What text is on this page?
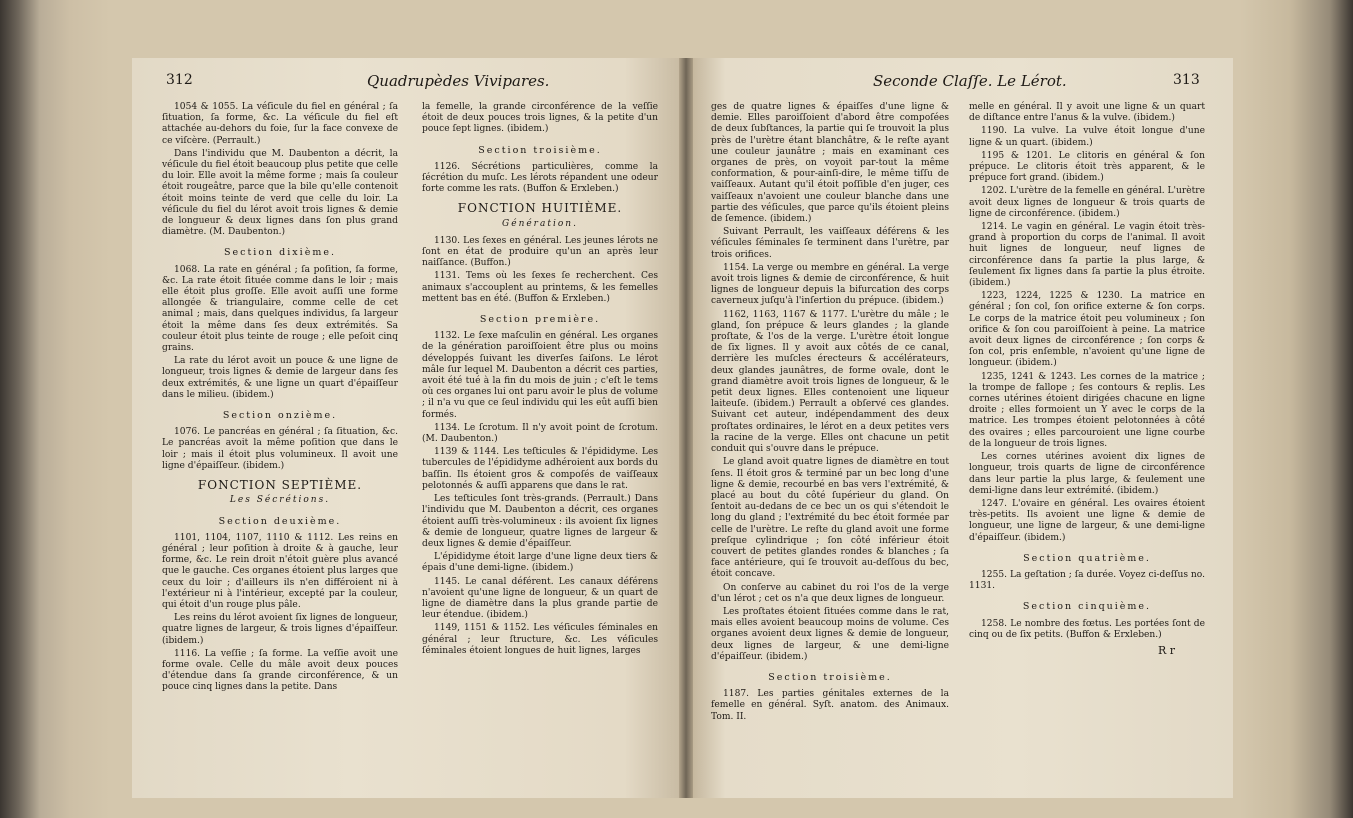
312	Quadrupèdes Vivipares.

1054 & 1055. La véſicule du fiel en général ; ſa ſituation, ſa forme, &c. La véſicule du fiel eſt attachée au-dehors du foie, ſur la face convexe de ce viſcère. (Perrault.)

Dans l'individu que M. Daubenton a décrit, la véſicule du fiel étoit beaucoup plus petite que celle du loir. Elle avoit la même forme ; mais ſa couleur étoit rougeâtre, parce que la bile qu'elle contenoit étoit moins teinte de verd que celle du loir. La véſicule du fiel du lérot avoit trois lignes & demie de longueur & deux lignes dans ſon plus grand diamètre. (M. Daubenton.)

Section dixième.

1068. La rate en général ; ſa poſition, ſa forme, &c. La rate étoit ſituée comme dans le loir ; mais elle étoit plus groſſe. Elle avoit auſſi une forme allongée & triangulaire, comme celle de cet animal ; mais, dans quelques individus, ſa largeur étoit la même dans ſes deux extrémités. Sa couleur étoit plus teinte de rouge ; elle peſoit cinq grains.

La rate du lérot avoit un pouce & une ligne de longueur, trois lignes & demie de largeur dans ſes deux extrémités, & une ligne un quart d'épaiſſeur dans le milieu. (ibidem.)

Section onzième.

1076. Le pancréas en général ; ſa ſituation, &c. Le pancréas avoit la même poſition que dans le loir ; mais il étoit plus volumineux. Il avoit une ligne d'épaiſſeur. (ibidem.)

FONCTION SEPTIÈME.
Les Sécrétions.
Section deuxième.

1101, 1104, 1107, 1110 & 1112. Les reins en général ; leur poſition à droite & à gauche, leur forme, &c. Le rein droit n'étoit guère plus avancé que le gauche. Ces organes étoient plus larges que ceux du loir ; d'ailleurs ils n'en différoient ni à l'extérieur ni à l'intérieur, excepté par la couleur, qui étoit d'un rouge plus pâle.

Les reins du lérot avoient ſix lignes de longueur, quatre lignes de largeur, & trois lignes d'épaiſſeur. (ibidem.)

1116. La veſſie ; ſa forme. La veſſie avoit une forme ovale. Celle du mâle avoit deux pouces d'étendue dans ſa grande circonférence, & un pouce cinq lignes dans la petite. Dans

la femelle, la grande circonférence de la veſſie étoit de deux pouces trois lignes, & la petite d'un pouce ſept lignes. (ibidem.)

Section troisième.

1126. Sécrétions particulières, comme la ſécrétion du muſc. Les lérots répandent une odeur forte comme les rats. (Buffon & Erxleben.)

FONCTION HUITIÈME.
Génération.

1130. Les ſexes en général. Les jeunes lérots ne ſont en état de produire qu'un an après leur naiſſance. (Buffon.)

1131. Tems où les ſexes ſe recherchent. Ces animaux s'accouplent au printems, & les femelles mettent bas en été. (Buffon & Erxleben.)

Section première.

1132. Le ſexe maſculin en général. Les organes de la génération paroiſſoient être plus ou moins développés ſuivant les diverſes ſaiſons. Le lérot mâle ſur lequel M. Daubenton a décrit ces parties, avoit été tué à la fin du mois de juin ; c'eſt le tems où ces organes lui ont paru avoir le plus de volume ; il n'a vu que ce ſeul individu qui les eût auſſi bien formés.

1134. Le ſcrotum. Il n'y avoit point de ſcrotum. (M. Daubenton.)

1139 & 1144. Les teſticules & l'épididyme. Les tubercules de l'épididyme adhéroient aux bords du baſſin. Ils étoient gros & compoſés de vaiſſeaux pelotonnés & auſſi apparens que dans le rat.

Les teſticules ſont très-grands. (Perrault.) Dans l'individu que M. Daubenton a décrit, ces organes étoient auſſi très-volumineux : ils avoient ſix lignes & demie de longueur, quatre lignes de largeur & deux lignes & demie d'épaiſſeur.

L'épididyme étoit large d'une ligne deux tiers & épais d'une demi-ligne. (ibidem.)

1145. Le canal déférent. Les canaux déférens n'avoient qu'une ligne de longueur, & un quart de ligne de diamètre dans la plus grande partie de leur étendue. (ibidem.)

1149, 1151 & 1152. Les véſicules ſéminales en général ; leur ſtructure, &c. Les véſicules ſéminales étoient longues de huit lignes, larges

Seconde Claſſe. Le Lérot.	313

ges de quatre lignes & épaiſſes d'une ligne & demie. Elles paroiſſoient d'abord être compoſées de deux ſubſtances, la partie qui ſe trouvoit la plus près de l'urètre étant blanchâtre, & le reſte ayant une couleur jaunâtre ; mais en examinant ces organes de près, on voyoit par-tout la même conformation, & pour-ainſi-dire, le même tiſſu de vaiſſeaux. Autant qu'il étoit poſſible d'en juger, ces vaiſſeaux n'avoient une couleur blanche dans une partie des véſicules, que parce qu'ils étoient pleins de ſemence. (ibidem.)

Suivant Perrault, les vaiſſeaux déférens & les véſicules ſéminales ſe terminent dans l'urètre, par trois orifices.

1154. La verge ou membre en général. La verge avoit trois lignes & demie de circonférence, & huit lignes de longueur depuis la bifurcation des corps caverneux juſqu'à l'inſertion du prépuce. (ibidem.)

1162, 1163, 1167 & 1177. L'urètre du mâle ; le gland, ſon prépuce & leurs glandes ; la glande proſtate, & l'os de la verge. L'urètre étoit longue de ſix lignes. Il y avoit aux côtés de ce canal, derrière les muſcles érecteurs & accélérateurs, deux glandes jaunâtres, de forme ovale, dont le grand diamètre avoit trois lignes de longueur, & le petit deux lignes. Elles contenoient une liqueur laiteuſe. (ibidem.) Perrault a obſervé ces glandes. Suivant cet auteur, indépendamment des deux proſtates ordinaires, le lérot en a deux petites vers la racine de la verge. Elles ont chacune un petit conduit qui s'ouvre dans le prépuce.

Le gland avoit quatre lignes de diamètre en tout ſens. Il étoit gros & terminé par un bec long d'une ligne & demie, recourbé en bas vers l'extrémité, & placé au bout du côté ſupérieur du gland. On ſentoit au-dedans de ce bec un os qui s'étendoit le long du gland ; l'extrémité du bec étoit formée par celle de l'urètre. Le reſte du gland avoit une forme preſque cylindrique ; ſon côté inférieur étoit couvert de petites glandes rondes & blanches ; ſa face antérieure, qui ſe trouvoit au-deſſous du bec, étoit concave.

On conſerve au cabinet du roi l'os de la verge d'un lérot ; cet os n'a que deux lignes de longueur.

Les proſtates étoient ſituées comme dans le rat, mais elles avoient beaucoup moins de volume. Ces organes avoient deux lignes & demie de longueur, deux lignes de largeur, & une demi-ligne d'épaiſſeur. (ibidem.)

Section troisième.

1187. Les parties génitales externes de la femelle en général. Syſt. anatom. des Animaux. Tom. II.

melle en général. Il y avoit une ligne & un quart de diſtance entre l'anus & la vulve. (ibidem.)

1190. La vulve. La vulve étoit longue d'une ligne & un quart. (ibidem.)

1195 & 1201. Le clitoris en général & ſon prépuce. Le clitoris étoit très apparent, & le prépuce fort grand. (ibidem.)

1202. L'urètre de la femelle en général. L'urètre avoit deux lignes de longueur & trois quarts de ligne de circonférence. (ibidem.)

1214. Le vagin en général. Le vagin étoit très-grand à proportion du corps de l'animal. Il avoit huit lignes de longueur, neuf lignes de circonférence dans ſa partie la plus large, & ſeulement ſix lignes dans ſa partie la plus étroite. (ibidem.)

1223, 1224, 1225 & 1230. La matrice en général ; ſon col, ſon orifice externe & ſon corps. Le corps de la matrice étoit peu volumineux ; ſon orifice & ſon cou paroiſſoient à peine. La matrice avoit deux lignes de circonférence ; ſon corps & ſon col, pris enſemble, n'avoient qu'une ligne de longueur. (ibidem.)

1235, 1241 & 1243. Les cornes de la matrice ; la trompe de fallope ; ſes contours & replis. Les cornes utérines étoient dirigées chacune en ligne droite ; elles formoient un Y avec le corps de la matrice. Les trompes étoient pelotonnées à côté des ovaires ; elles parcouroient une ligne courbe de la longueur de trois lignes.

Les cornes utérines avoient dix lignes de longueur, trois quarts de ligne de circonférence dans leur partie la plus large, & ſeulement une demi-ligne dans leur extrémité. (ibidem.)

1247. L'ovaire en général. Les ovaires étoient très-petits. Ils avoient une ligne & demie de longueur, une ligne de largeur, & une demi-ligne d'épaiſſeur. (ibidem.)

Section quatrième.

1255. La geſtation ; ſa durée. Voyez ci-deſſus no. 1131.

Section cinquième.

1258. Le nombre des fœtus. Les portées ſont de cinq ou de ſix petits. (Buffon & Erxleben.)

R r
